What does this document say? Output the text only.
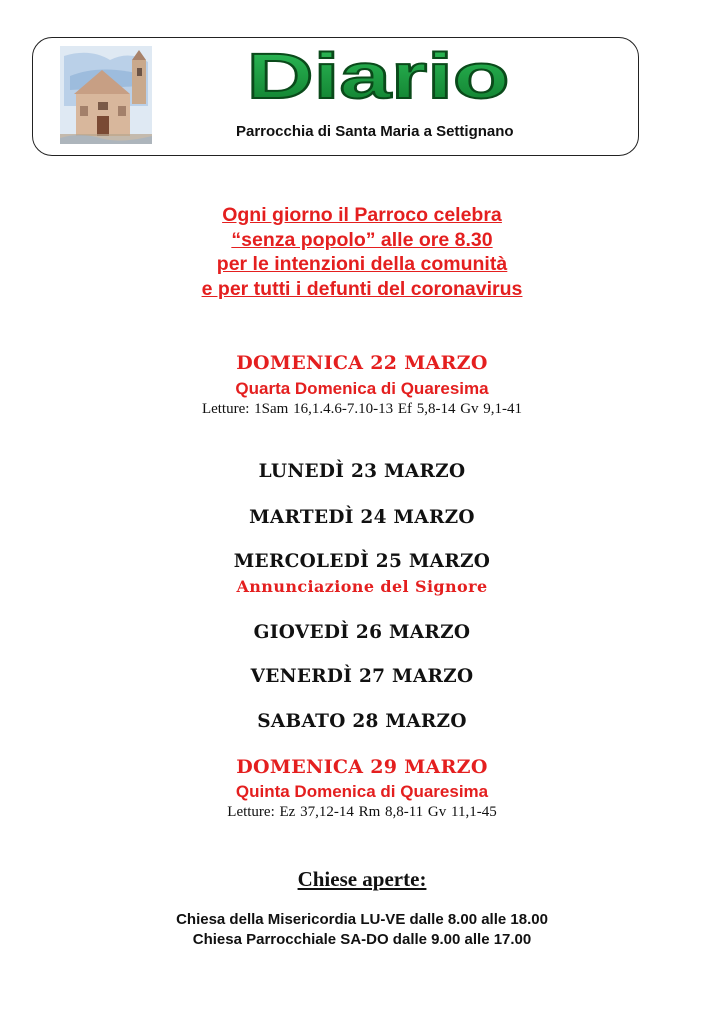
Diario
Parrocchia di Santa Maria a Settignano
Ogni giorno il Parroco celebra
“senza popolo” alle ore 8.30
per le intenzioni della comunità
e per tutti i defunti del coronavirus
DOMENICA 22 MARZO
Quarta Domenica di Quaresima
Letture: 1Sam 16,1.4.6-7.10-13 Ef 5,8-14 Gv 9,1-41
LUNEDÌ 23 MARZO
MARTEDÌ 24 MARZO
MERCOLEDÌ 25 MARZO
Annunciazione del Signore
GIOVEDÌ 26 MARZO
VENERDÌ 27 MARZO
SABATO 28 MARZO
DOMENICA 29 MARZO
Quinta Domenica di Quaresima
Letture: Ez 37,12-14 Rm 8,8-11 Gv 11,1-45
Chiese aperte:
Chiesa della Misericordia LU-VE dalle 8.00 alle 18.00
Chiesa Parrocchiale SA-DO dalle 9.00 alle 17.00
